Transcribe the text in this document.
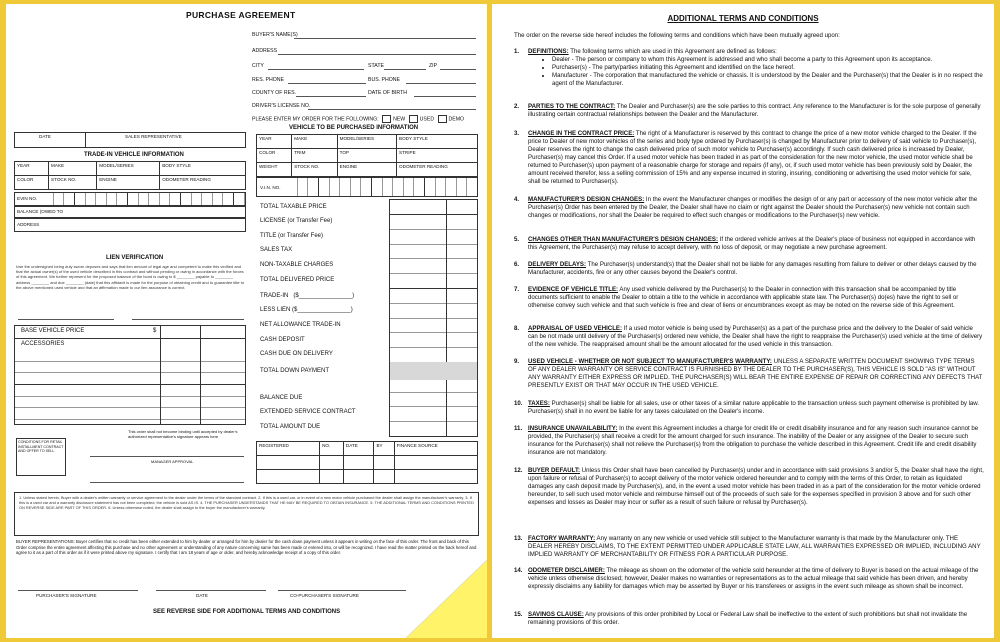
PURCHASE AGREEMENT
BUYER'S NAME(S)
ADDRESS
CITY	STATE	ZIP
RES. PHONE	BUS. PHONE
COUNTY OF RES.	DATE OF BIRTH
DRIVER'S LICENSE NO.
PLEASE ENTER MY ORDER FOR THE FOLLOWING:	NEW	USED	DEMO
DATE	SALES REPRESENTATIVE
TRADE-IN VEHICLE INFORMATION
YEAR	MAKE	MODEL/SERIES	BODY STYLE
COLOR	STOCK NO.	ENGINE	ODOMETER READING
EVIN NO.
BALANCE (OWED TO
ADDRESS
LIEN VERIFICATION
I/we the undersigned being duly sworn deposes and says that lien amount of legal age and competent to make this verified and that the actual owner(s) of the used vehicle described in this contract and without pending or owing in accordance with the forces of this agreement. We further represent for the proposed balance of the bond is owing to $ ________ payable to ________ address ________ and due ________ (date) that this affidavit is made for the purpose of obtaining credit and to guarantee title to the above mentioned used vehicle and that an affirmation made to our lien assurance is correct.
BASE VEHICLE PRICE	$
ACCESSORIES
CONDITIONS FOR RETAIL INSTALLMENT CONTRACT AND OFFER TO SELL
This order shall not become binding until accepted by dealer's authorized representative's signature appears here
MANAGER APPROVAL
VEHICLE TO BE PURCHASED INFORMATION
YEAR	MAKE	MODEL/SERIES	BODY STYLE
COLOR	TRIM	TOP	STRIPE
WEIGHT	STOCK NO.	ENGINE	ODOMETER READING
V.I.N. NO.
TOTAL TAXABLE PRICE
LICENSE (or Transfer Fee)
TITLE (or Transfer Fee)
SALES TAX
NON-TAXABLE CHARGES
TOTAL DELIVERED PRICE
TRADE-IN   ($________________)
LESS LIEN ($________________)
NET ALLOWANCE TRADE-IN
CASH DEPOSIT
CASH DUE ON DELIVERY
TOTAL DOWN PAYMENT
BALANCE DUE
EXTENDED SERVICE CONTRACT
TOTAL AMOUNT DUE
REGISTERED	NO.	DATE	BY	FINANCE SOURCE

1. Unless stated herein, Buyer with a dealer's written warranty or service agreement to the dealer under the terms of the standard contract. 2. If this is a used car, or in event of a new motor vehicle purchased the dealer shall assign the manufacturer's warranty. 3. If this is a used car and a warranty disclosure statement has not been completed, the vehicle is sold AS IS. 4. THE PURCHASER UNDERSTANDS THAT HE MAY BE REQUIRED TO OBTAIN INSURANCE. 5. THE ADDITIONAL TERMS AND CONDITIONS PRINTED ON REVERSE SIDE ARE PART OF THIS ORDER. 6. Unless otherwise noted, the dealer shall assign to the buyer the manufacturer's warranty.
BUYER REPRESENTATIONS: Buyer certifies that no credit has been either extended to him by dealer or arranged for him by dealer for the cash down payment unless it appears in writing on the face of this order. The front and back of this Order comprise the entire agreement affecting this purchase and no other agreement or understanding of any nature concerning same has been made or entered into, or will be recognized. I have read the matter printed on the back hereof and agree to it as a part of this order as if it were printed above my signature. I certify that I am 18 years of age or older, and hereby acknowledge receipt of a copy of this order.
PURCHASER'S SIGNATURE	DATE	CO-PURCHASER'S SIGNATURE
SEE REVERSE SIDE FOR ADDITIONAL TERMS AND CONDITIONS
ADDITIONAL TERMS AND CONDITIONS
The order on the reverse side hereof includes the following terms and conditions which have been mutually agreed upon:
1. DEFINITIONS: The following terms which are used in this Agreement are defined as follows:
• Dealer - The person or company to whom this Agreement is addressed and who shall become a party to this Agreement upon its acceptance.
• Purchaser(s) - The party/parties initiating this Agreement and identified on the face hereof.
• Manufacturer - The corporation that manufactured the vehicle or chassis. It is understood by the Dealer and the Purchaser(s) that the Dealer is in no respect the agent of the Manufacturer.
2. PARTIES TO THE CONTRACT: The Dealer and Purchaser(s) are the sole parties to this contract. Any reference to the Manufacturer is for the sole purpose of generally illustrating certain contractual relationships between the Dealer and the Manufacturer.
3. CHANGE IN THE CONTRACT PRICE: The right of a Manufacturer is reserved by this contract to change the price of a new motor vehicle charged to the Dealer. If the price to Dealer of new motor vehicles of the series and body type ordered by Purchaser(s) is changed by Manufacturer prior to delivery of said vehicle to Purchaser(s), Dealer reserves the right to change the cash delivered price of such motor vehicle to Purchaser(s) accordingly. If such cash delivered price is increased by Dealer, Purchaser(s) may cancel this Order. If a used motor vehicle has been traded in as part of the consideration for the new motor vehicle, the used motor vehicle shall be returned to Purchaser(s) upon payment of a reasonable charge for storage and repairs (if any), or, if such used motor vehicle has been previously sold by Dealer, the amount received therefor, less a selling commission of 15% and any expense incurred in storing, insuring, conditioning or advertising the used motor vehicle for sale, shall be returned to Purchaser(s).
4. MANUFACTURER'S DESIGN CHANGES: In the event the Manufacturer changes or modifies the design of or any part or accessory of the new motor vehicle after the Purchaser(s) Order has been entered by the Dealer, the Dealer shall have no claim or right against the Dealer should the Purchaser(s) new vehicle not contain such changes or modifications, nor shall the Dealer be required to effect such changes or modifications to the Purchaser(s) new vehicle.
5. CHANGES OTHER THAN MANUFACTURER'S DESIGN CHANGES: If the ordered vehicle arrives at the Dealer's place of business not equipped in accordance with this Agreement, the Purchaser(s) may refuse to accept delivery, with no loss of deposit, or may negotiate a new purchase agreement.
6. DELIVERY DELAYS: The Purchaser(s) understand(s) that the Dealer shall not be liable for any damages resulting from failure to deliver or other delays caused by the Manufacturer, accidents, fire or any other causes beyond the Dealer's control.
7. EVIDENCE OF VEHICLE TITLE: Any used vehicle delivered by the Purchaser(s) to the Dealer in connection with this transaction shall be accompanied by title documents sufficient to enable the Dealer to obtain a title to the vehicle in accordance with applicable state law. The Purchaser(s) do(es) have the right to sell or otherwise convey such vehicle and that such vehicle is free and clear of liens or encumbrances except as may be noted on the reverse side of this Agreement.
8. APPRAISAL OF USED VEHICLE: If a used motor vehicle is being used by Purchaser(s) as a part of the purchase price and the delivery to the Dealer of said vehicle can be not made until delivery of the Purchaser(s) ordered new vehicle, the Dealer shall have the right to reappraise the Purchaser(s) used vehicle at the time of delivery of the new vehicle. The reappraised amount shall be the amount allocated for the used vehicle in this transaction.
9. USED VEHICLE - WHETHER OR NOT SUBJECT TO MANUFACTURER'S WARRANTY: UNLESS A SEPARATE WRITTEN DOCUMENT SHOWING TYPE TERMS OF ANY DEALER WARRANTY OR SERVICE CONTRACT IS FURNISHED BY THE DEALER TO THE PURCHASER(S), THIS VEHICLE IS SOLD "AS IS" WITHOUT ANY WARRANTY EITHER EXPRESS OR IMPLIED. THE PURCHASER(S) WILL BEAR THE ENTIRE EXPENSE OF REPAIR OR CORRECTING ANY DEFECTS THAT PRESENTLY EXIST OR THAT MAY OCCUR IN THE USED VEHICLE.
10. TAXES: Purchaser(s) shall be liable for all sales, use or other taxes of a similar nature applicable to the transaction unless such payment otherwise is prohibited by law. Purchaser(s) shall in no event be liable for any taxes calculated on the Dealer's income.
11. INSURANCE UNAVAILABILITY: In the event this Agreement includes a charge for credit life or credit disability insurance and for any reason such insurance cannot be provided, the Purchaser(s) shall receive a credit for the amount charged for such insurance. The inability of the Dealer or any assignee of the Dealer to secure such insurance for the Purchaser(s) shall not relieve the Purchaser(s) from the obligation to purchase the vehicle described in this Agreement. Credit life and credit disability insurance are not mandatory.
12. BUYER DEFAULT: Unless this Order shall have been cancelled by Purchaser(s) under and in accordance with said provisions 3 and/or 5, the Dealer shall have the right, upon failure or refusal of Purchaser(s) to accept delivery of the motor vehicle ordered hereunder and to comply with the terms of this Order, to retain as liquidated damages any cash deposit made by Purchaser(s), and, in the event a used motor vehicle has been traded in as a part of the consideration for the motor vehicle ordered hereunder, to sell such used motor vehicle and reimburse himself out of the proceeds of such sale for the expenses specified in provision 3 above and for such other expenses and losses as Dealer may incur or suffer as a result of such failure or refusal by Purchaser(s).
13. FACTORY WARRANTY: Any warranty on any new vehicle or used vehicle still subject to the Manufacturer warranty is that made by the Manufacturer only. THE DEALER HEREBY DISCLAIMS, TO THE EXTENT PERMITTED UNDER APPLICABLE STATE LAW, ALL WARRANTIES EXPRESSED OR IMPLIED, INCLUDING ANY IMPLIED WARRANTY OF MERCHANTABILITY OR FITNESS FOR A PARTICULAR PURPOSE.
14. ODOMETER DISCLAIMER: The mileage as shown on the odometer of the vehicle sold hereunder at the time of delivery to Buyer is based on the actual mileage of the vehicle unless otherwise disclosed; however, Dealer makes no warranties or representations as to the actual mileage that said vehicle has been driven, and hereby expressly disclaims any liability for damages which may be asserted by Buyer or his transferees or assigns in the event such mileage as shown shall be incorrect.
15. SAVINGS CLAUSE: Any provisions of this order prohibited by Local or Federal Law shall be ineffective to the extent of such prohibitions but shall not invalidate the remaining provisions of this order.
